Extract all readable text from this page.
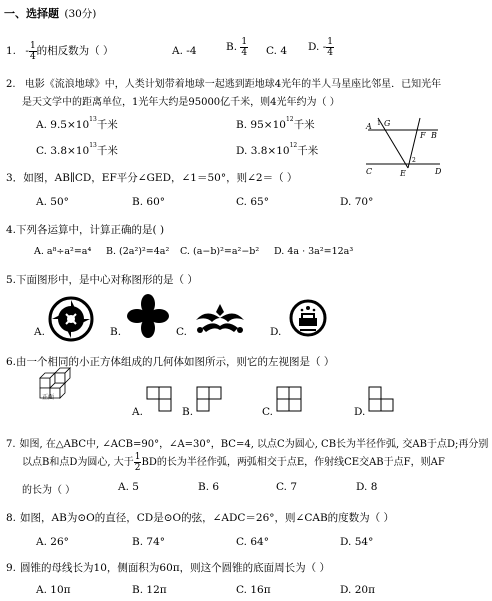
一、选择题 (30分)
1. - $\frac{1}{4}$ 的相反数为（ ）	A. -4	B. $\frac{1}{4} C$. 4 D. - $\frac{1}{4}$
2. 电影《流浪地球》中，人类计划带着地球一起逃到距地球4光年的半人马星座比邻星．已知光年
是天文学中的距离单位，1光年大约是95000亿千米，则4光年约为（ ）
A. $9.5\times 10^{13}$千米	B. $95\times 10^{12}$千米
C. $3.8\times 10^{13}$千米	D. $3.8\times 10^{12}$千米
A 1 G
F B
2
C	E	D
3．如图，AB∥CD，EF平分∠GED，∠1＝50°，则∠2＝（ ）
A. 50°	B. 60°	C. 65°	D. 70°
4.下列各运算中，计算正确的是( )
A. a⁸÷a²=a⁴ B. (2a²)²=4a² C. (a−b)²=a²−b² D. 4a · 3a²=12a³
5.下面图形中，是中心对称图形的是（ ）
A.	B.	C.	D.
6.由一个相同的小正方体组成的几何体如图所示，则它的左视图是（ ）
正面
A.	B.	C.	D.
7. 如图, 在△ABC中, ∠ACB=90°，∠A=30°，BC=4, 以点C为圆心, CB长为半径作弧, 交AB于点D;再分别
以点B和点D为圆心, 大于 $\frac{1}{2}$ BD的长为半径作弧，两弧相交于点E，作射线CE交AB于点F，则AF
的长为（ ）	A. 5	B. 6	C. 7	D. 8
8. 如图，AB为⊙O的直径，CD是⊙O的弦，∠ADC＝26°，则∠CAB的度数为（ ）
A. 26°	B. 74°	C. 64°	D. 54°
9. 圆锥的母线长为10，侧面积为60π，则这个圆锥的底面周长为（ ）
A. 10π	B. 12π	C. 16π	D. 20π
